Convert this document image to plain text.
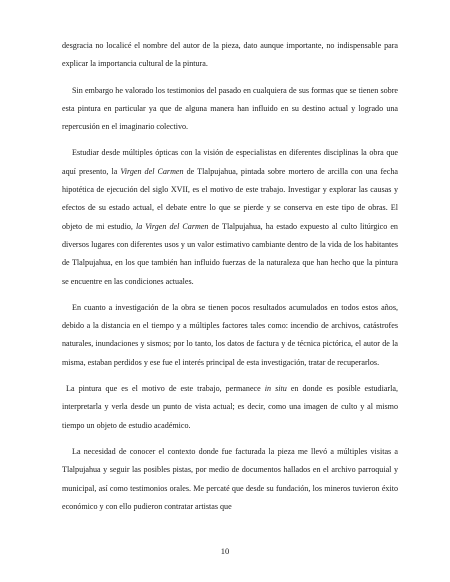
desgracia no localicé el nombre del autor de la pieza, dato aunque importante, no indispensable para explicar la importancia cultural de la pintura.

Sin embargo he valorado los testimonios del pasado en cualquiera de sus formas que se tienen sobre esta pintura en particular ya que de alguna manera han influido en su destino actual y logrado una repercusión en el imaginario colectivo.

Estudiar desde múltiples ópticas con la visión de especialistas en diferentes disciplinas la obra que aquí presento, la Virgen del Carmen de Tlalpujahua, pintada sobre mortero de arcilla con una fecha hipotética de ejecución del siglo XVII, es el motivo de este trabajo. Investigar y explorar las causas y efectos de su estado actual, el debate entre lo que se pierde y se conserva en este tipo de obras. El objeto de mi estudio, la Virgen del Carmen de Tlalpujahua, ha estado expuesto al culto litúrgico en diversos lugares con diferentes usos y un valor estimativo cambiante dentro de la vida de los habitantes de Tlalpujahua, en los que también han influido fuerzas de la naturaleza que han hecho que la pintura se encuentre en las condiciones actuales.

En cuanto a investigación de la obra se tienen pocos resultados acumulados en todos estos años, debido a la distancia en el tiempo y a múltiples factores tales como: incendio de archivos, catástrofes naturales, inundaciones y sismos; por lo tanto, los datos de factura y de técnica pictórica, el autor de la misma, estaban perdidos y ese fue el interés principal de esta investigación, tratar de recuperarlos.

La pintura que es el motivo de este trabajo, permanece in situ en donde es posible estudiarla, interpretarla y verla desde un punto de vista actual; es decir, como una imagen de culto y al mismo tiempo un objeto de estudio académico.

La necesidad de conocer el contexto donde fue facturada la pieza me llevó a múltiples visitas a Tlalpujahua y seguir las posibles pistas, por medio de documentos hallados en el archivo parroquial y municipal, así como testimonios orales. Me percaté que desde su fundación, los mineros tuvieron éxito económico y con ello pudieron contratar artistas que

10
